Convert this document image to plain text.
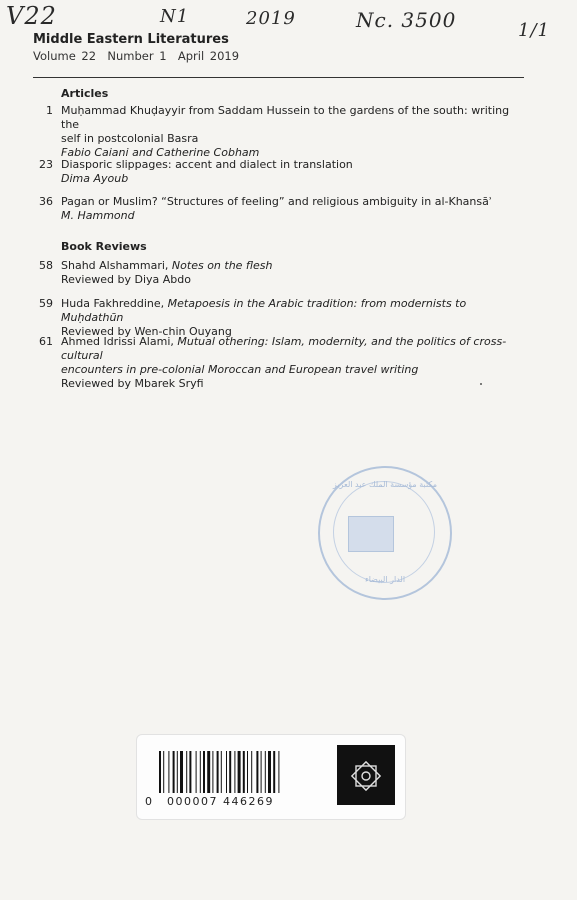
V22	N1	2019	Nc. 3500	1/1
Middle Eastern Literatures
Volume 22 Number 1 April 2019
Articles
1 Muḥammad Khuḍayyir from Saddam Hussein to the gardens of the south: writing the
self in postcolonial Basra
Fabio Caiani and Catherine Cobham
23 Diasporic slippages: accent and dialect in translation
Dima Ayoub
36 Pagan or Muslim? “Structures of feeling” and religious ambiguity in al-Khansāʾ
M. Hammond
Book Reviews
58 Shahd Alshammari, Notes on the flesh
Reviewed by Diya Abdo
59 Huda Fakhreddine, Metapoesis in the Arabic tradition: from modernists to Muḥdathūn
Reviewed by Wen-chin Ouyang
61 Ahmed Idrissi Alami, Mutual othering: Islam, modernity, and the politics of cross-cultural
encounters in pre-colonial Moroccan and European travel writing
Reviewed by Mbarek Sryfi
مكتبة مؤسسة الملك عبد العزيز
الدار البيضاء
0 000007 446269
